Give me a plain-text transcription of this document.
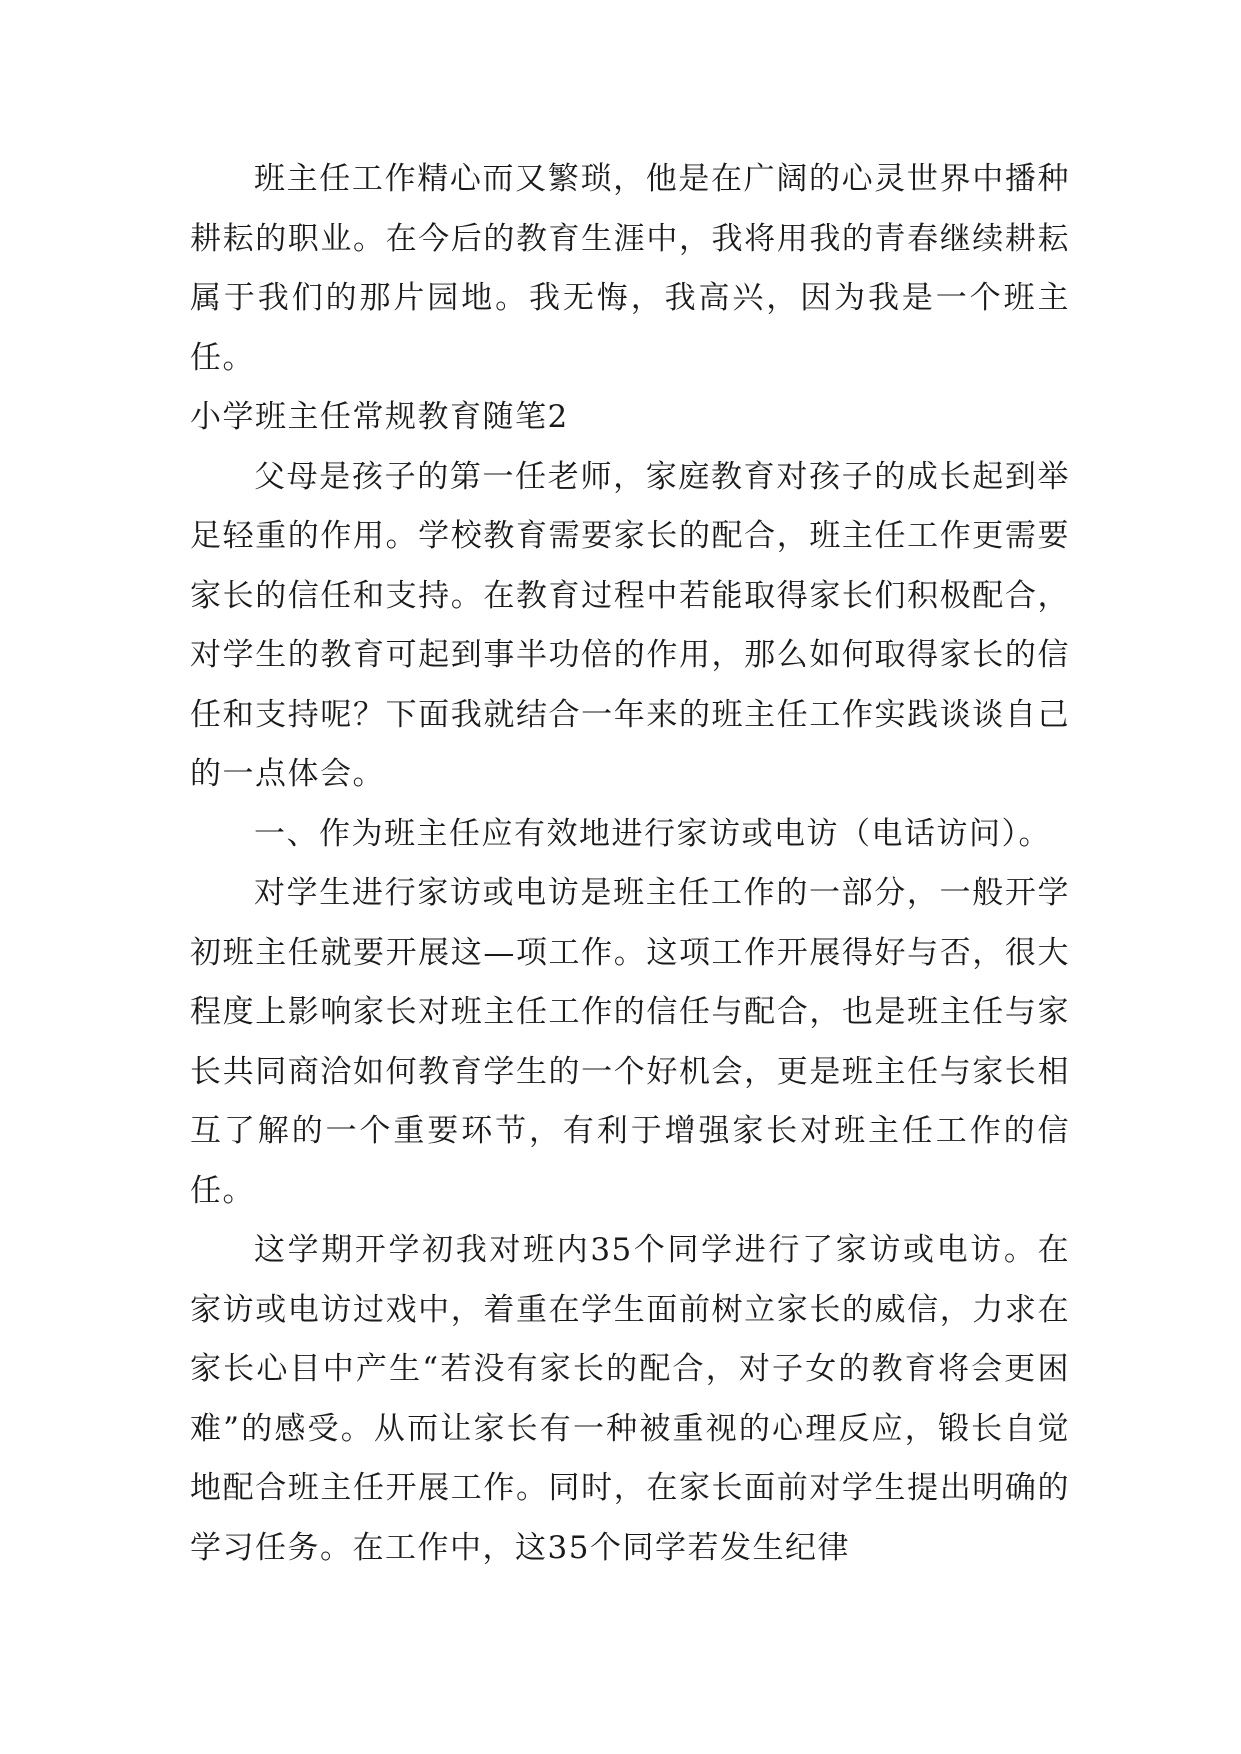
班主任工作精心而又繁琐，他是在广阔的心灵世界中播种耕耘的职业。在今后的教育生涯中，我将用我的青春继续耕耘属于我们的那片园地。我无悔，我高兴，因为我是一个班主任。

小学班主任常规教育随笔2

父母是孩子的第一任老师，家庭教育对孩子的成长起到举足轻重的作用。学校教育需要家长的配合，班主任工作更需要家长的信任和支持。在教育过程中若能取得家长们积极配合，对学生的教育可起到事半功倍的作用，那么如何取得家长的信任和支持呢？下面我就结合一年来的班主任工作实践谈谈自己的一点体会。

一、作为班主任应有效地进行家访或电访（电话访问）。

对学生进行家访或电访是班主任工作的一部分，一般开学初班主任就要开展这—项工作。这项工作开展得好与否，很大程度上影响家长对班主任工作的信任与配合，也是班主任与家长共同商洽如何教育学生的一个好机会，更是班主任与家长相互了解的一个重要环节，有利于增强家长对班主任工作的信任。

这学期开学初我对班内35个同学进行了家访或电访。在家访或电访过戏中，着重在学生面前树立家长的威信，力求在家长心目中产生“若没有家长的配合，对子女的教育将会更困难”的感受。从而让家长有一种被重视的心理反应，锻长自觉地配合班主任开展工作。同时，在家长面前对学生提出明确的学习任务。在工作中，这35个同学若发生纪律
